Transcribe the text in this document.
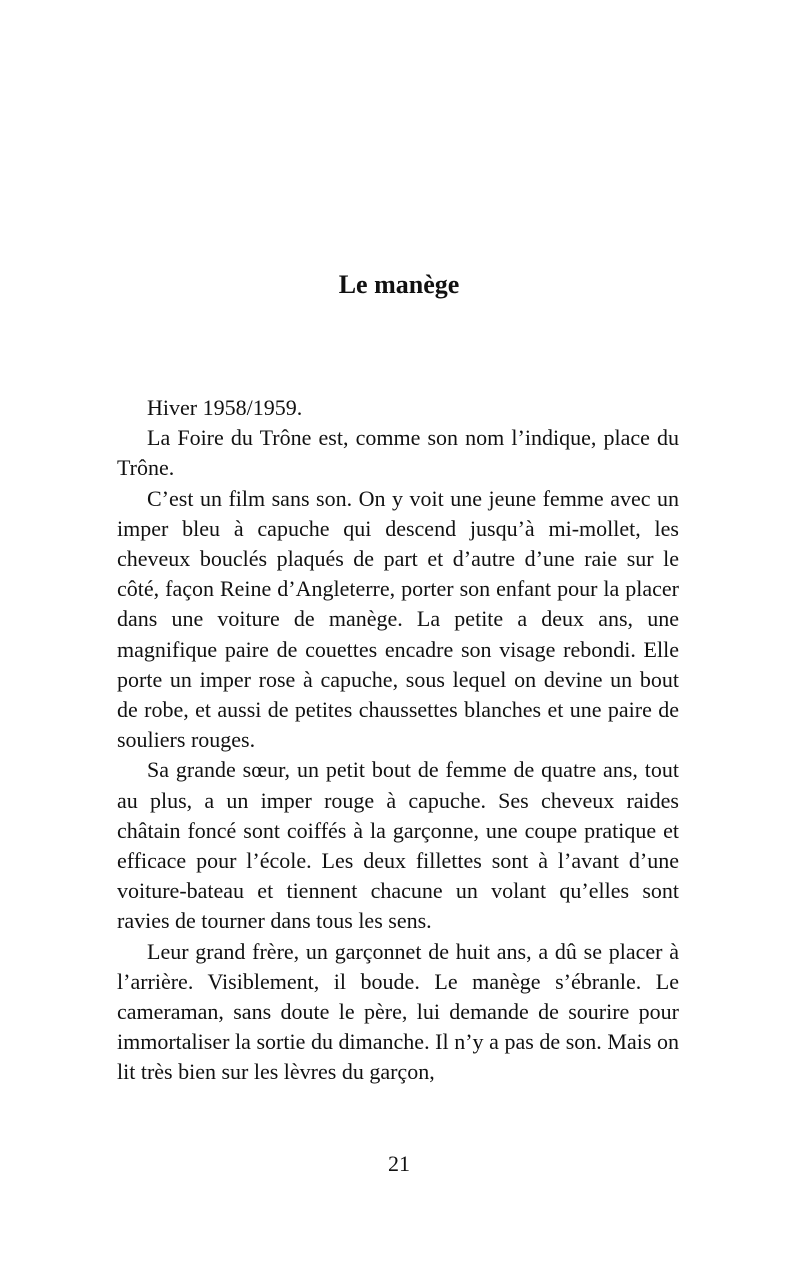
Le manège

Hiver 1958/1959.

La Foire du Trône est, comme son nom l’indique, place du Trône.

C’est un film sans son. On y voit une jeune femme avec un imper bleu à capuche qui descend jusqu’à mi-mollet, les cheveux bouclés plaqués de part et d’autre d’une raie sur le côté, façon Reine d’Angleterre, porter son enfant pour la placer dans une voiture de manège. La petite a deux ans, une magnifique paire de couettes encadre son visage rebondi. Elle porte un imper rose à capuche, sous lequel on devine un bout de robe, et aussi de petites chaussettes blanches et une paire de souliers rouges.

Sa grande sœur, un petit bout de femme de quatre ans, tout au plus, a un imper rouge à capuche. Ses cheveux raides châtain foncé sont coiffés à la garçonne, une coupe pratique et efficace pour l’école. Les deux fillettes sont à l’avant d’une voiture-bateau et tiennent chacune un volant qu’elles sont ravies de tourner dans tous les sens.

Leur grand frère, un garçonnet de huit ans, a dû se placer à l’arrière. Visiblement, il boude. Le manège s’ébranle. Le cameraman, sans doute le père, lui demande de sourire pour immortaliser la sortie du dimanche. Il n’y a pas de son. Mais on lit très bien sur les lèvres du garçon,

21
